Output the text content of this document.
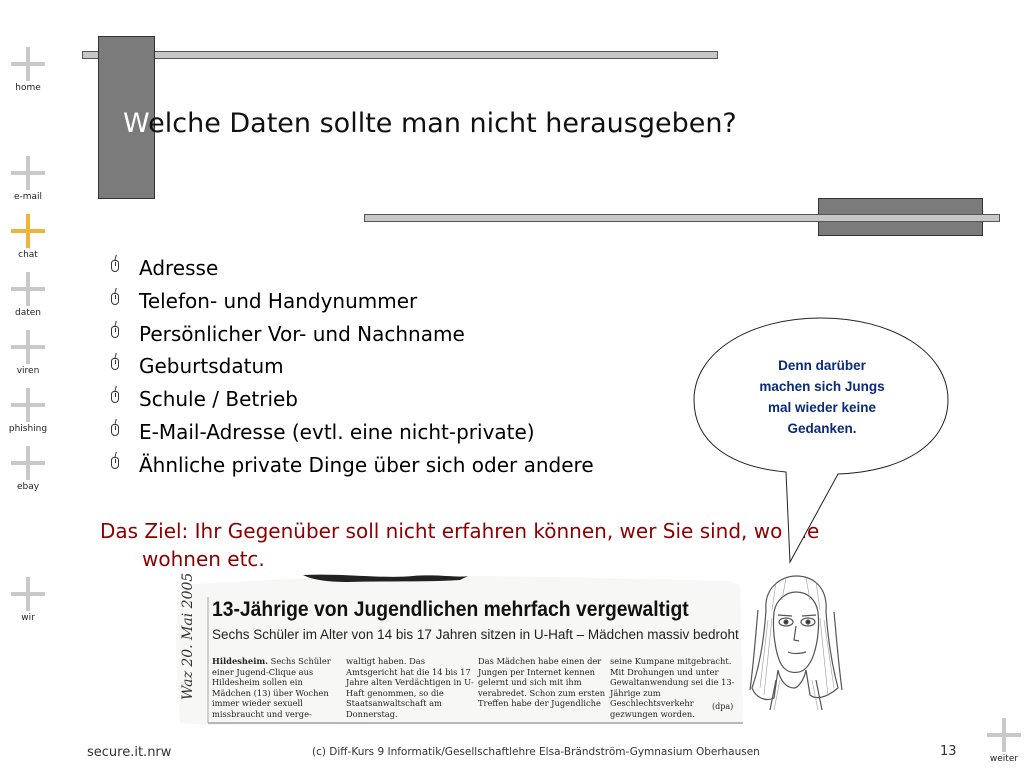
home
e-mail
chat
daten
viren
phishing
ebay
wir
Welche Daten sollte man nicht herausgeben?
Adresse
Telefon- und Handynummer
Persönlicher Vor- und Nachname
Geburtsdatum
Schule / Betrieb
E-Mail-Adresse (evtl. eine nicht-private)
Ähnliche private Dinge über sich oder andere

Das Ziel: Ihr Gegenüber soll nicht erfahren können, wer Sie sind, wo Sie
wohnen etc.

Waz 20. Mai 2005 13-Jährige von Jugendlichen mehrfach vergewaltigt
Sechs Schüler im Alter von 14 bis 17 Jahren sitzen in U-Haft – Mädchen massiv bedroht
Hildesheim. Sechs Schüler einer Jugend-Clique aus Hildesheim sollen ein Mädchen (13) über Wochen immer wieder sexuell missbraucht und verge-
waltigt haben. Das Amtsgericht hat die 14 bis 17 Jahre alten Verdächtigen in U-Haft genommen, so die Staatsanwaltschaft am Donnerstag.
Das Mädchen habe einen der Jungen per Internet kennen gelernt und sich mit ihm verabredet. Schon zum ersten Treffen habe der Jugendliche
seine Kumpane mitgebracht. Mit Drohungen und unter Gewaltanwendung sei die 13-Jährige zum Geschlechtsverkehr gezwungen worden.
(dpa)
Denn darüber
machen sich Jungs
mal wieder keine
Gedanken.
secure.it.nrw	(c) Diff-Kurs 9 Informatik/Gesellschaftlehre Elsa-Brändström-Gymnasium Oberhausen	13	weiter
